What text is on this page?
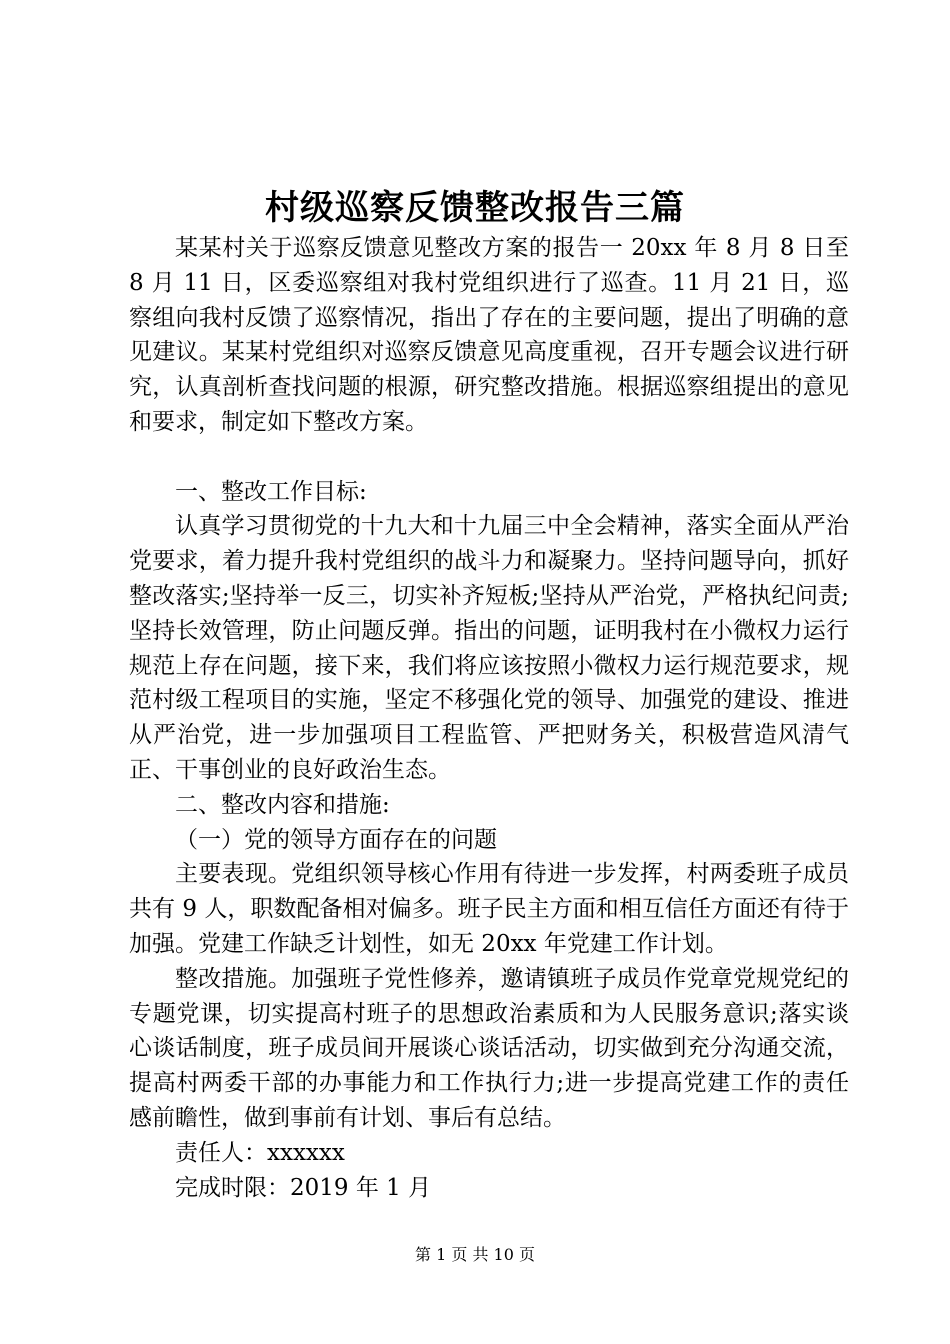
村级巡察反馈整改报告三篇

某某村关于巡察反馈意见整改方案的报告一 20xx 年 8 月 8 日至 8 月 11 日，区委巡察组对我村党组织进行了巡查。11 月 21 日，巡察组向我村反馈了巡察情况，指出了存在的主要问题，提出了明确的意见建议。某某村党组织对巡察反馈意见高度重视，召开专题会议进行研究，认真剖析查找问题的根源，研究整改措施。根据巡察组提出的意见和要求，制定如下整改方案。

一、整改工作目标:

认真学习贯彻党的十九大和十九届三中全会精神，落实全面从严治党要求，着力提升我村党组织的战斗力和凝聚力。坚持问题导向，抓好整改落实;坚持举一反三，切实补齐短板;坚持从严治党，严格执纪问责;坚持长效管理，防止问题反弹。指出的问题，证明我村在小微权力运行规范上存在问题，接下来，我们将应该按照小微权力运行规范要求，规范村级工程项目的实施，坚定不移强化党的领导、加强党的建设、推进从严治党，进一步加强项目工程监管、严把财务关，积极营造风清气正、干事创业的良好政治生态。

二、整改内容和措施:

（一）党的领导方面存在的问题

主要表现。党组织领导核心作用有待进一步发挥，村两委班子成员共有 9 人，职数配备相对偏多。班子民主方面和相互信任方面还有待于加强。党建工作缺乏计划性，如无 20xx 年党建工作计划。

整改措施。加强班子党性修养，邀请镇班子成员作党章党规党纪的专题党课，切实提高村班子的思想政治素质和为人民服务意识;落实谈心谈话制度，班子成员间开展谈心谈话活动，切实做到充分沟通交流，提高村两委干部的办事能力和工作执行力;进一步提高党建工作的责任感前瞻性，做到事前有计划、事后有总结。

责任人：xxxxxx

完成时限：2019 年 1 月

第 1 页 共 10 页
